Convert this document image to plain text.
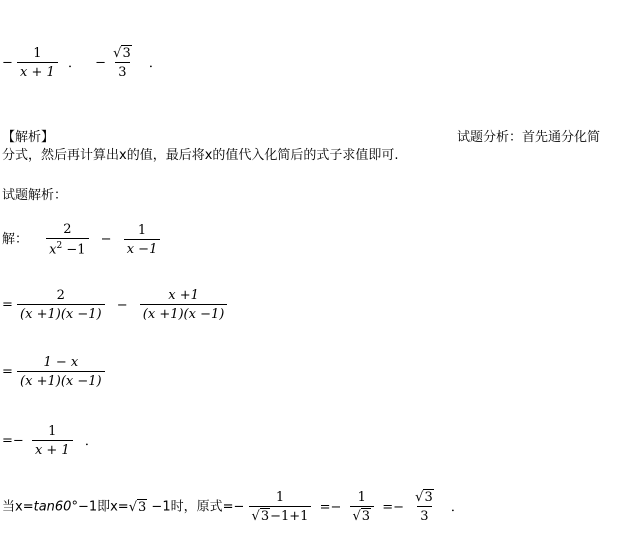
− $\frac{1}{x + 1}$ ． − $\frac{√3}{3}$ ．
【解析】	试题分析：首先通分化简
分式，然后再计算出x的值，最后将x的值代入化简后的式子求值即可.
试题解析：
解： $\frac{2}{x^2 -1} - \frac{1}{x -1}$
= $\frac{2}{(x +1)(x -1)} - \frac{x +1}{(x +1)(x -1)}$
= $\frac{1 - x}{(x +1)(x -1)}$
=− $\frac{1}{x + 1}$ ．
当x=tan60°−1即x=√3 −1时，原式=− $\frac{1}{√3-1+1} =- \frac{1}{√3} =- \frac{√3}{3}$ ．
